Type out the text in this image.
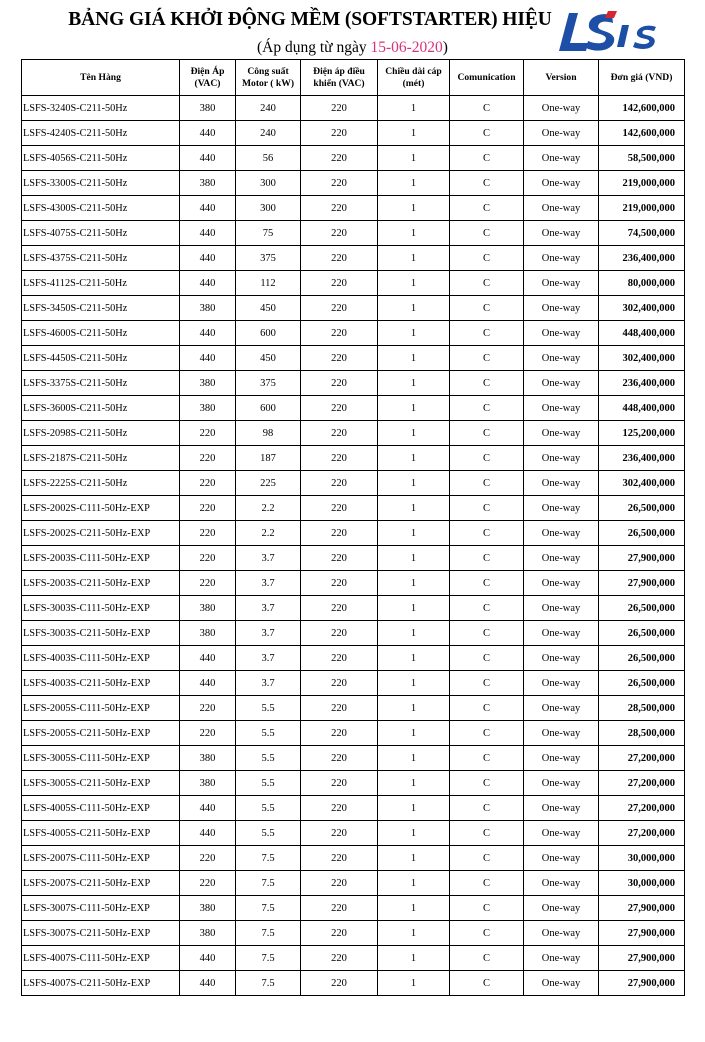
BẢNG GIÁ KHỞI ĐỘNG MỀM (SOFTSTARTER) HIỆU
(Áp dụng từ ngày 15-06-2020)
Tên Hàng	Điện Áp (VAC)	Công suất Motor ( kW)	Điện áp điều khiển (VAC)	Chiều dài cáp (mét)	Comunication	Version	Đơn giá (VND)
LSFS-3240S-C211-50Hz	380	240	220	1	C	One-way	142,600,000
LSFS-4240S-C211-50Hz	440	240	220	1	C	One-way	142,600,000
LSFS-4056S-C211-50Hz	440	56	220	1	C	One-way	58,500,000
LSFS-3300S-C211-50Hz	380	300	220	1	C	One-way	219,000,000
LSFS-4300S-C211-50Hz	440	300	220	1	C	One-way	219,000,000
LSFS-4075S-C211-50Hz	440	75	220	1	C	One-way	74,500,000
LSFS-4375S-C211-50Hz	440	375	220	1	C	One-way	236,400,000
LSFS-4112S-C211-50Hz	440	112	220	1	C	One-way	80,000,000
LSFS-3450S-C211-50Hz	380	450	220	1	C	One-way	302,400,000
LSFS-4600S-C211-50Hz	440	600	220	1	C	One-way	448,400,000
LSFS-4450S-C211-50Hz	440	450	220	1	C	One-way	302,400,000
LSFS-3375S-C211-50Hz	380	375	220	1	C	One-way	236,400,000
LSFS-3600S-C211-50Hz	380	600	220	1	C	One-way	448,400,000
LSFS-2098S-C211-50Hz	220	98	220	1	C	One-way	125,200,000
LSFS-2187S-C211-50Hz	220	187	220	1	C	One-way	236,400,000
LSFS-2225S-C211-50Hz	220	225	220	1	C	One-way	302,400,000
LSFS-2002S-C111-50Hz-EXP	220	2.2	220	1	C	One-way	26,500,000
LSFS-2002S-C211-50Hz-EXP	220	2.2	220	1	C	One-way	26,500,000
LSFS-2003S-C111-50Hz-EXP	220	3.7	220	1	C	One-way	27,900,000
LSFS-2003S-C211-50Hz-EXP	220	3.7	220	1	C	One-way	27,900,000
LSFS-3003S-C111-50Hz-EXP	380	3.7	220	1	C	One-way	26,500,000
LSFS-3003S-C211-50Hz-EXP	380	3.7	220	1	C	One-way	26,500,000
LSFS-4003S-C111-50Hz-EXP	440	3.7	220	1	C	One-way	26,500,000
LSFS-4003S-C211-50Hz-EXP	440	3.7	220	1	C	One-way	26,500,000
LSFS-2005S-C111-50Hz-EXP	220	5.5	220	1	C	One-way	28,500,000
LSFS-2005S-C211-50Hz-EXP	220	5.5	220	1	C	One-way	28,500,000
LSFS-3005S-C111-50Hz-EXP	380	5.5	220	1	C	One-way	27,200,000
LSFS-3005S-C211-50Hz-EXP	380	5.5	220	1	C	One-way	27,200,000
LSFS-4005S-C111-50Hz-EXP	440	5.5	220	1	C	One-way	27,200,000
LSFS-4005S-C211-50Hz-EXP	440	5.5	220	1	C	One-way	27,200,000
LSFS-2007S-C111-50Hz-EXP	220	7.5	220	1	C	One-way	30,000,000
LSFS-2007S-C211-50Hz-EXP	220	7.5	220	1	C	One-way	30,000,000
LSFS-3007S-C111-50Hz-EXP	380	7.5	220	1	C	One-way	27,900,000
LSFS-3007S-C211-50Hz-EXP	380	7.5	220	1	C	One-way	27,900,000
LSFS-4007S-C111-50Hz-EXP	440	7.5	220	1	C	One-way	27,900,000
LSFS-4007S-C211-50Hz-EXP	440	7.5	220	1	C	One-way	27,900,000
